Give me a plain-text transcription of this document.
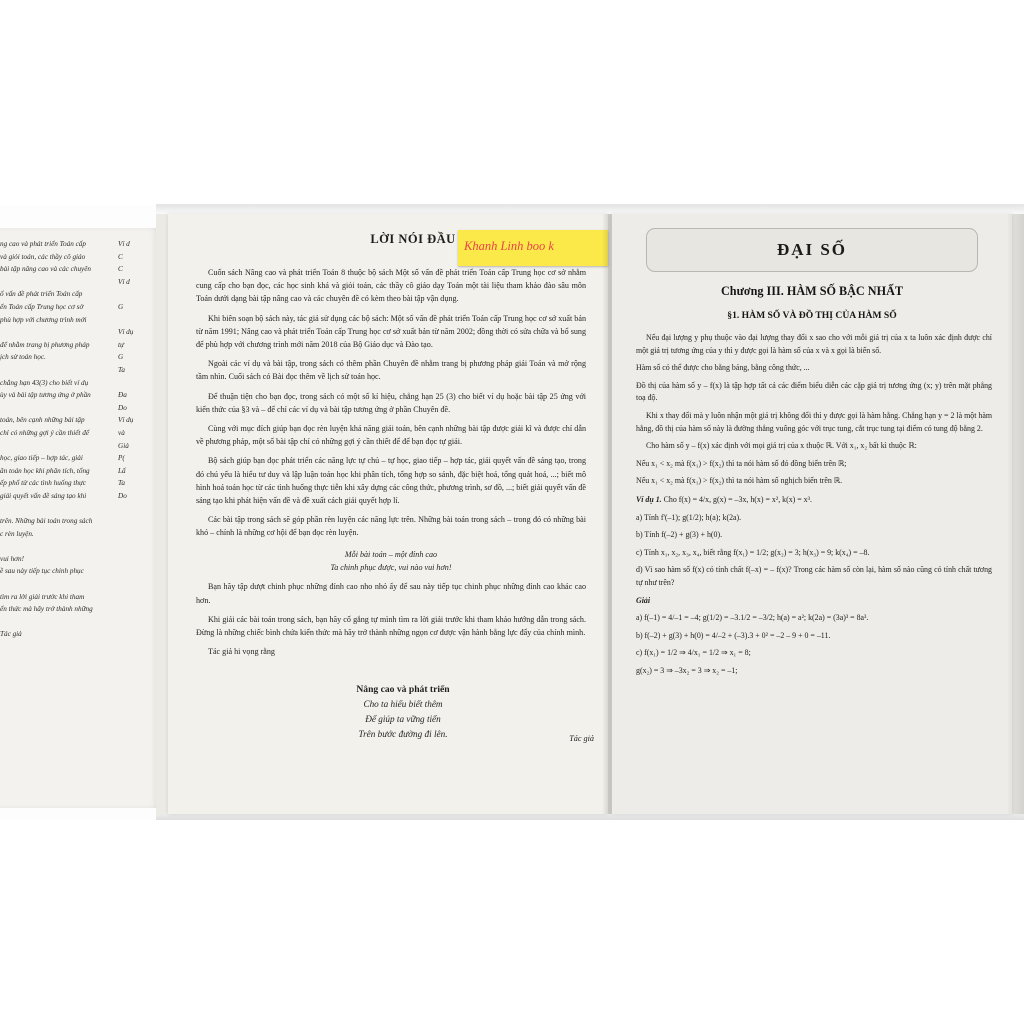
ng cao và phát triển Toán cấp
và giỏi toán, các thầy cô giáo
bài tập nâng cao và các chuyên

ố vấn đề phát triển Toán cấp
ển Toán cấp Trung học cơ sở
phù hợp với chương trình mới

để nhằm trang bị phương pháp
ịch sử toán học.

chẳng hạn 43(3) cho biết ví dụ
ùy và bài tập tương ứng ở phần

toán, bên cạnh những bài tập
chỉ có những gợi ý cần thiết để

học, giao tiếp – hợp tác, giải
ân toán học khi phân tích, tổng
ếp phổ từ các tình huống thực
giải quyết vấn đề sáng tạo khi

trên. Những bài toán trong sách
c rèn luyện.

vui hơn!
ề sau này tiếp tục chinh phục

tìm ra lời giải trước khi tham
ến thức mà hãy trở thành những

Tác giả
Ví d
C
C
Ví d

G

Ví dụ
tự
G
Ta

Đa
Do
Ví dụ
và
Giả
P(
Lấ
Ta
Do
LỜI NÓI ĐẦU Khanh Linh boo k

Cuốn sách Nâng cao và phát triển Toán 8 thuộc bộ sách Một số vấn đề phát triển Toán cấp Trung học cơ sở nhằm cung cấp cho bạn đọc, các học sinh khá và giỏi toán, các thầy cô giáo dạy Toán một tài liệu tham khảo đào sâu môn Toán dưới dạng bài tập nâng cao và các chuyên đề có kèm theo bài tập vận dụng.

Khi biên soạn bộ sách này, tác giả sử dụng các bộ sách: Một số vấn đề phát triển Toán cấp Trung học cơ sở xuất bản từ năm 1991; Nâng cao và phát triển Toán cấp Trung học cơ sở xuất bản từ năm 2002; đồng thời có sửa chữa và bổ sung để phù hợp với chương trình mới năm 2018 của Bộ Giáo dục và Đào tạo.

Ngoài các ví dụ và bài tập, trong sách có thêm phần Chuyên đề nhằm trang bị phương pháp giải Toán và mở rộng tầm nhìn. Cuối sách có Bài đọc thêm về lịch sử toán học.

Để thuận tiện cho bạn đọc, trong sách có một số kí hiệu, chẳng hạn 25 (3) cho biết ví dụ hoặc bài tập 25 ứng với kiến thức của §3 và – để chỉ các ví dụ và bài tập tương ứng ở phần Chuyên đề.

Cùng với mục đích giúp bạn đọc rèn luyện khả năng giải toán, bên cạnh những bài tập được giải kĩ và được chỉ dẫn về phương pháp, một số bài tập chỉ có những gợi ý cần thiết để để bạn đọc tự giải.

Bộ sách giúp bạn đọc phát triển các năng lực tự chủ – tự học, giao tiếp – hợp tác, giải quyết vấn đề sáng tạo, trong đó chú yếu là hiểu tư duy và lập luận toán học khi phân tích, tổng hợp so sánh, đặc biệt hoá, tổng quát hoá, ...; biết mô hình hoá toán học từ các tình huống thực tiễn khi xây dựng các công thức, phương trình, sơ đồ, ...; biết giải quyết vấn đề sáng tạo khi phát hiện vấn đề và đề xuất cách giải quyết hợp lí.

Các bài tập trong sách sẽ góp phần rèn luyện các năng lực trên. Những bài toán trong sách – trong đó có những bài khó – chính là những cơ hội để bạn đọc rèn luyện.

Mỗi bài toán – một đỉnh cao
Ta chinh phục được, vui nào vui hơn!

Bạn hãy tập dượt chinh phục những đỉnh cao nho nhỏ ấy để sau này tiếp tục chinh phục những đỉnh cao khác cao hơn.

Khi giải các bài toán trong sách, bạn hãy cố gắng tự mình tìm ra lời giải trước khi tham khảo hướng dẫn trong sách. Đừng là những chiếc bình chứa kiến thức mà hãy trở thành những ngọn cơ được vận hành bằng lực đẩy của chính mình.

Tác giả hi vọng rằng

Nâng cao và phát triển
Cho ta hiểu biết thêm
Để giúp ta vững tiến
Trên bước đường đi lên.	Tác giả
ĐẠI SỐ
Chương III. HÀM SỐ BẬC NHẤT
§1. HÀM SỐ VÀ ĐỒ THỊ CỦA HÀM SỐ

Nếu đại lượng y phụ thuộc vào đại lượng thay đổi x sao cho với mỗi giá trị của x ta luôn xác định được chỉ một giá trị tương ứng của y thì y được gọi là hàm số của x và x gọi là biến số.

Hàm số có thể được cho bằng bảng, bằng công thức, ...

Đồ thị của hàm số y – f(x) là tập hợp tất cả các điểm biểu diễn các cặp giá trị tương ứng (x; y) trên mặt phẳng toạ độ.

Khi x thay đổi mà y luôn nhận một giá trị không đổi thì y được gọi là hàm hằng. Chẳng hạn y = 2 là một hàm hằng, đồ thị của hàm số này là đường thẳng vuông góc với trục tung, cắt trục tung tại điểm có tung độ bằng 2.

Cho hàm số y – f(x) xác định với mọi giá trị của x thuộc ℝ. Với x₁, x₂ bất kì thuộc ℝ:

Nếu x₁ < x₂ mà f(x₁) > f(x₂) thì ta nói hàm số đó đồng biến trên ℝ;

Nếu x₁ < x₂ mà f(x₁) > f(x₂) thì ta nói hàm số nghịch biến trên ℝ.

Ví dụ 1. Cho f(x) = 4/x, g(x) = –3x, h(x) = x², k(x) = x³.

a) Tính f'(–1); g(1/2); h(a); k(2a).

b) Tính f(–2) + g(3) + h(0).

c) Tính x₁, x₂, x₃, x₄, biết rằng f(x₁) = 1/2; g(x₂) = 3; h(x₃) = 9; k(x₄) = –8.

d) Vì sao hàm số f(x) có tính chất f(–x) = – f(x)? Trong các hàm số còn lại, hàm số nào cũng có tính chất tương tự như trên?

Giải

a) f(–1) = 4/–1 = –4; g(1/2) = –3.1/2 = –3/2; h(a) = a²; k(2a) = (3a)³ = 8a³.

b) f(–2) + g(3) + h(0) = 4/–2 + (–3).3 + 0² = –2 – 9 + 0 = –11.

c) f(x₁) = 1/2 ⇒ 4/x₁ = 1/2 ⇒ x₁ = 8;

g(x₂) = 3 ⇒ –3x₂ = 3 ⇒ x₂ = –1;
